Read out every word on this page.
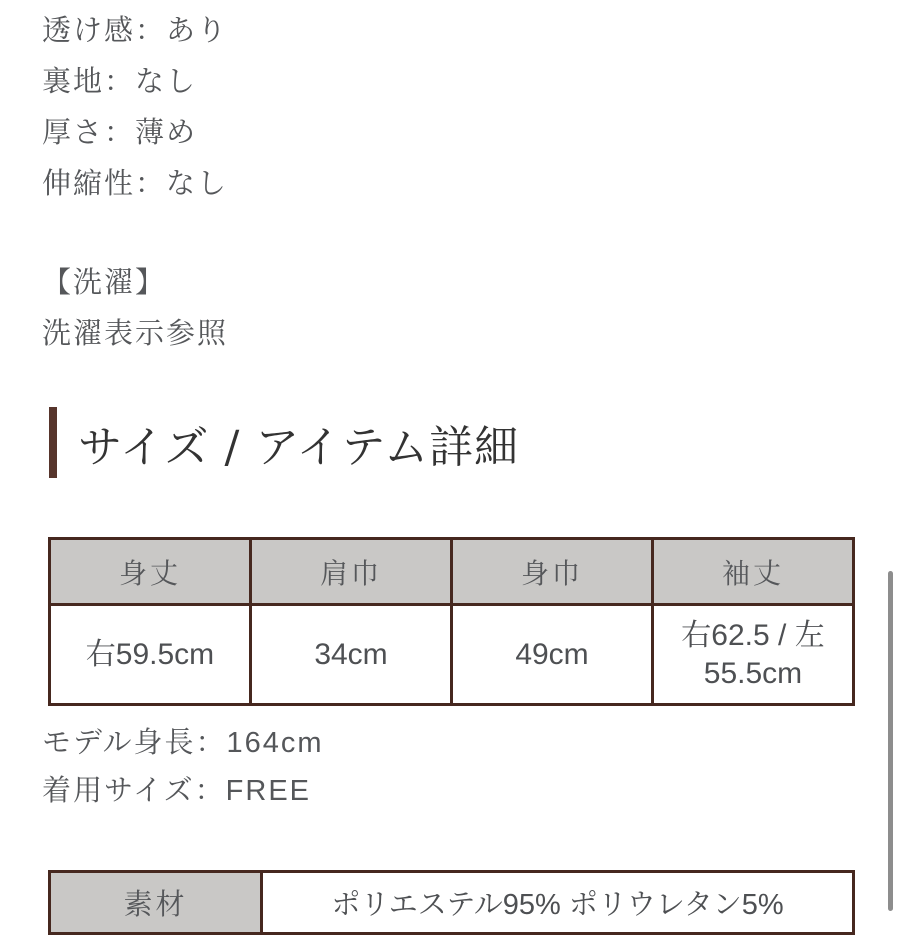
透け感：あり
裏地：なし
厚さ：薄め
伸縮性：なし
【洗濯】
洗濯表示参照
サイズ / アイテム詳細
身丈	肩巾	身巾	袖丈
右59.5cm	34cm	49cm	右62.5 / 左55.5cm
モデル身長：164cm
着用サイズ：FREE
素材	ポリエステル95% ポリウレタン5%
